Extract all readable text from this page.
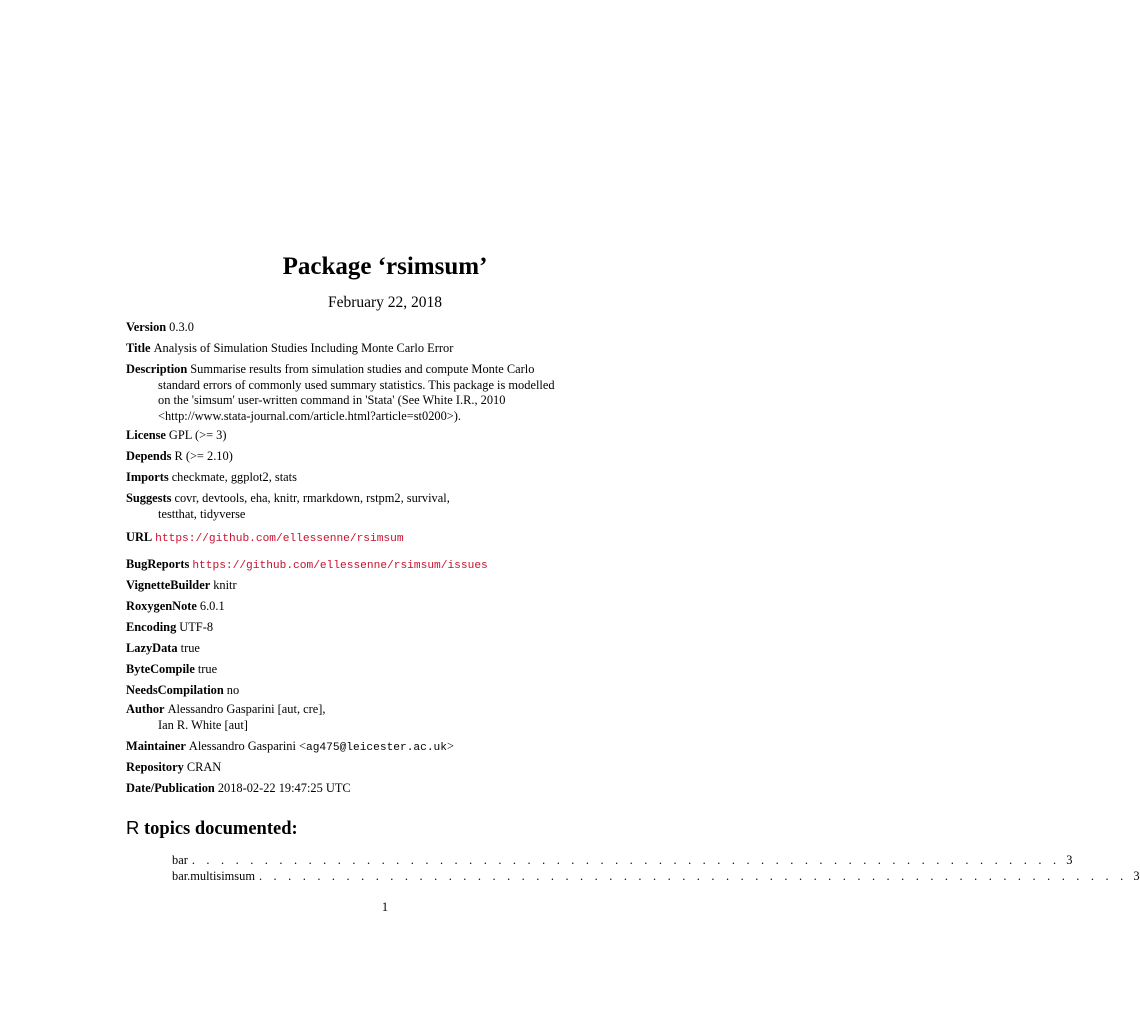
Package ‘rsimsum’
February 22, 2018
Version 0.3.0
Title Analysis of Simulation Studies Including Monte Carlo Error
Description Summarise results from simulation studies and compute Monte Carlo
standard errors of commonly used summary statistics. This package is modelled
on the 'simsum' user-written command in 'Stata' (See White I.R., 2010
<http://www.stata-journal.com/article.html?article=st0200>).
License GPL (>= 3)
Depends R (>= 2.10)
Imports checkmate, ggplot2, stats
Suggests covr, devtools, eha, knitr, rmarkdown, rstpm2, survival,
testthat, tidyverse
URL https://github.com/ellessenne/rsimsum
BugReports https://github.com/ellessenne/rsimsum/issues
VignetteBuilder knitr
RoxygenNote 6.0.1
Encoding UTF-8
LazyData true
ByteCompile true
NeedsCompilation no
Author Alessandro Gasparini [aut, cre],
Ian R. White [aut]
Maintainer Alessandro Gasparini <ag475@leicester.ac.uk>
Repository CRAN
Date/Publication 2018-02-22 19:47:25 UTC
R topics documented:
bar . . . . . . . . . . . . . . . . . . . . . . . . . . . . . . . . . . . . . . . . . . . . . . . . . . . . . . . . . . . . 3
bar.multisimsum . . . . . . . . . . . . . . . . . . . . . . . . . . . . . . . . . . . . . . . . . . . . . . . . . . . . . . . . . . . . 3
1
